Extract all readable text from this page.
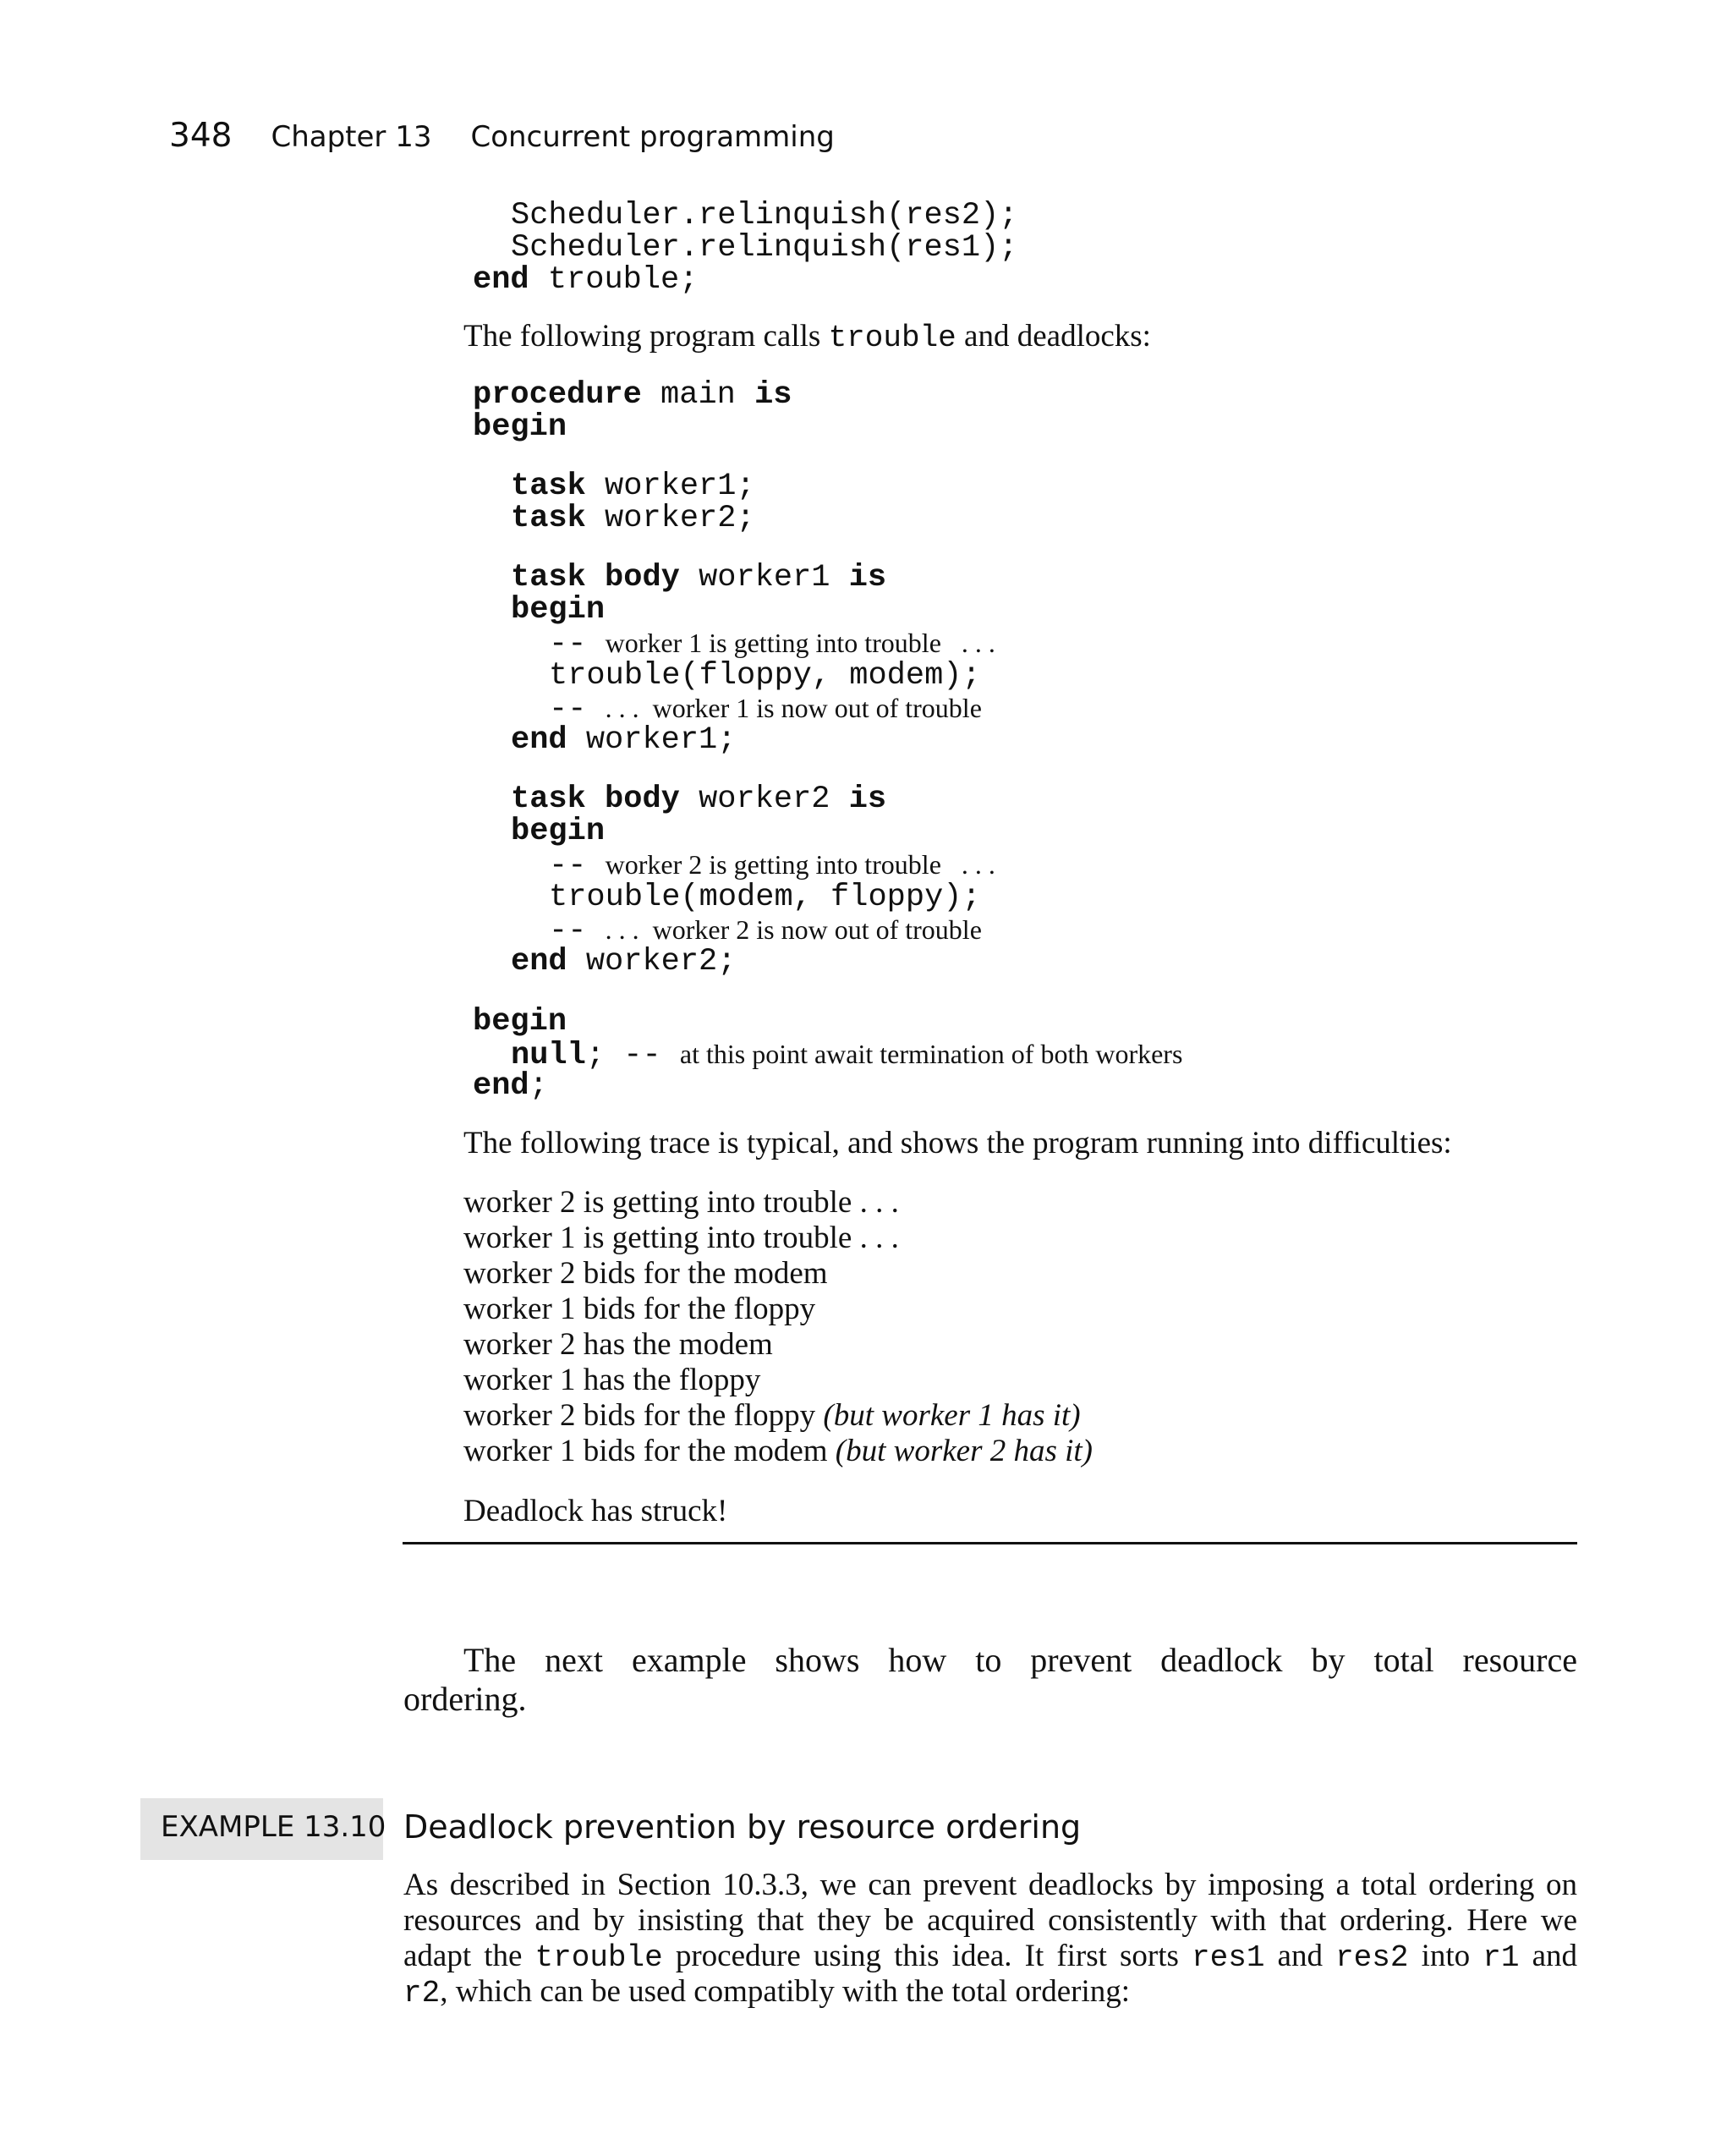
348 Chapter 13 Concurrent programming
Scheduler.relinquish(res2);
Scheduler.relinquish(res1);
end trouble;
The following program calls trouble and deadlocks:
procedure main is
begin
task worker1;
task worker2;
task body worker1 is
begin
-- worker 1 is getting into trouble   . . .
trouble(floppy, modem);
-- . . .  worker 1 is now out of trouble
end worker1;
task body worker2 is
begin
-- worker 2 is getting into trouble   . . .
trouble(modem, floppy);
-- . . .  worker 2 is now out of trouble
end worker2;
begin
null; -- at this point await termination of both workers
end;
The following trace is typical, and shows the program running into difficulties:
worker 2 is getting into trouble . . .
worker 1 is getting into trouble . . .
worker 2 bids for the modem
worker 1 bids for the floppy
worker 2 has the modem
worker 1 has the floppy
worker 2 bids for the floppy (but worker 1 has it)
worker 1 bids for the modem (but worker 2 has it)
Deadlock has struck!
The next example shows how to prevent deadlock by total resource
ordering.
EXAMPLE 13.10 Deadlock prevention by resource ordering
As described in Section 10.3.3, we can prevent deadlocks by imposing a total ordering on
resources and by insisting that they be acquired consistently with that ordering. Here we
adapt the trouble procedure using this idea. It first sorts res1 and res2 into r1 and
r2, which can be used compatibly with the total ordering:
